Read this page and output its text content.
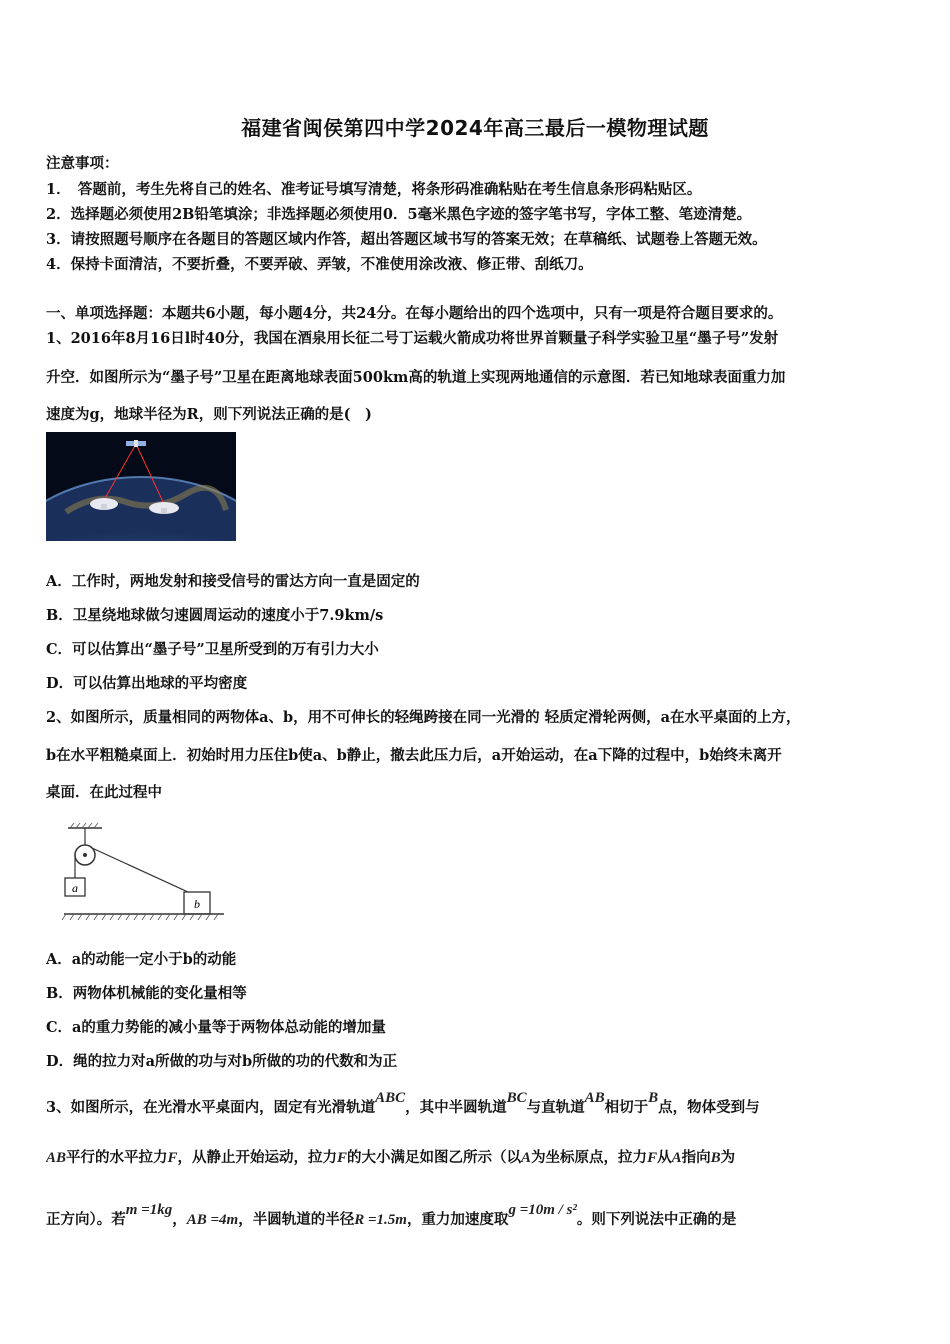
福建省闽侯第四中学2024年高三最后一模物理试题
注意事项：
1．　答题前，考生先将自己的姓名、准考证号填写清楚，将条形码准确粘贴在考生信息条形码粘贴区。
2．选择题必须使用2B铅笔填涂；非选择题必须使用0．5毫米黑色字迹的签字笔书写，字体工整、笔迹清楚。
3．请按照题号顺序在各题目的答题区域内作答，超出答题区域书写的答案无效；在草稿纸、试题卷上答题无效。
4．保持卡面清洁，不要折叠，不要弄破、弄皱，不准使用涂改液、修正带、刮纸刀。
一、单项选择题：本题共6小题，每小题4分，共24分。在每小题给出的四个选项中，只有一项是符合题目要求的。
1、2016年8月16日l时40分，我国在酒泉用长征二号丁运载火箭成功将世界首颗量子科学实验卫星“墨子号”发射
升空．如图所示为“墨子号”卫星在距离地球表面500km高的轨道上实现两地通信的示意图．若已知地球表面重力加
速度为g，地球半径为R，则下列说法正确的是(　)
A．工作时，两地发射和接受信号的雷达方向一直是固定的
B．卫星绕地球做匀速圆周运动的速度小于7.9km/s
C．可以估算出“墨子号”卫星所受到的万有引力大小
D．可以估算出地球的平均密度
2、如图所示，质量相同的两物体a、b，用不可伸长的轻绳跨接在同一光滑的 轻质定滑轮两侧，a在水平桌面的上方，
b在水平粗糙桌面上．初始时用力压住b使a、b静止，撤去此压力后，a开始运动，在a下降的过程中，b始终未离开
桌面．在此过程中
a
b
A．a的动能一定小于b的动能
B．两物体机械能的变化量相等
C．a的重力势能的减小量等于两物体总动能的增加量
D．绳的拉力对a所做的功与对b所做的功的代数和为正
3、如图所示，在光滑水平桌面内，固定有光滑轨道ABC，其中半圆轨道BC与直轨道AB相切于B点，物体受到与
AB平行的水平拉力F，从静止开始运动，拉力F的大小满足如图乙所示（以A为坐标原点，拉力F从A指向B为
正方向）。若m =1kg，AB =4m，半圆轨道的半径R =1.5m，重力加速度取g =10m / s²。则下列说法中正确的是
